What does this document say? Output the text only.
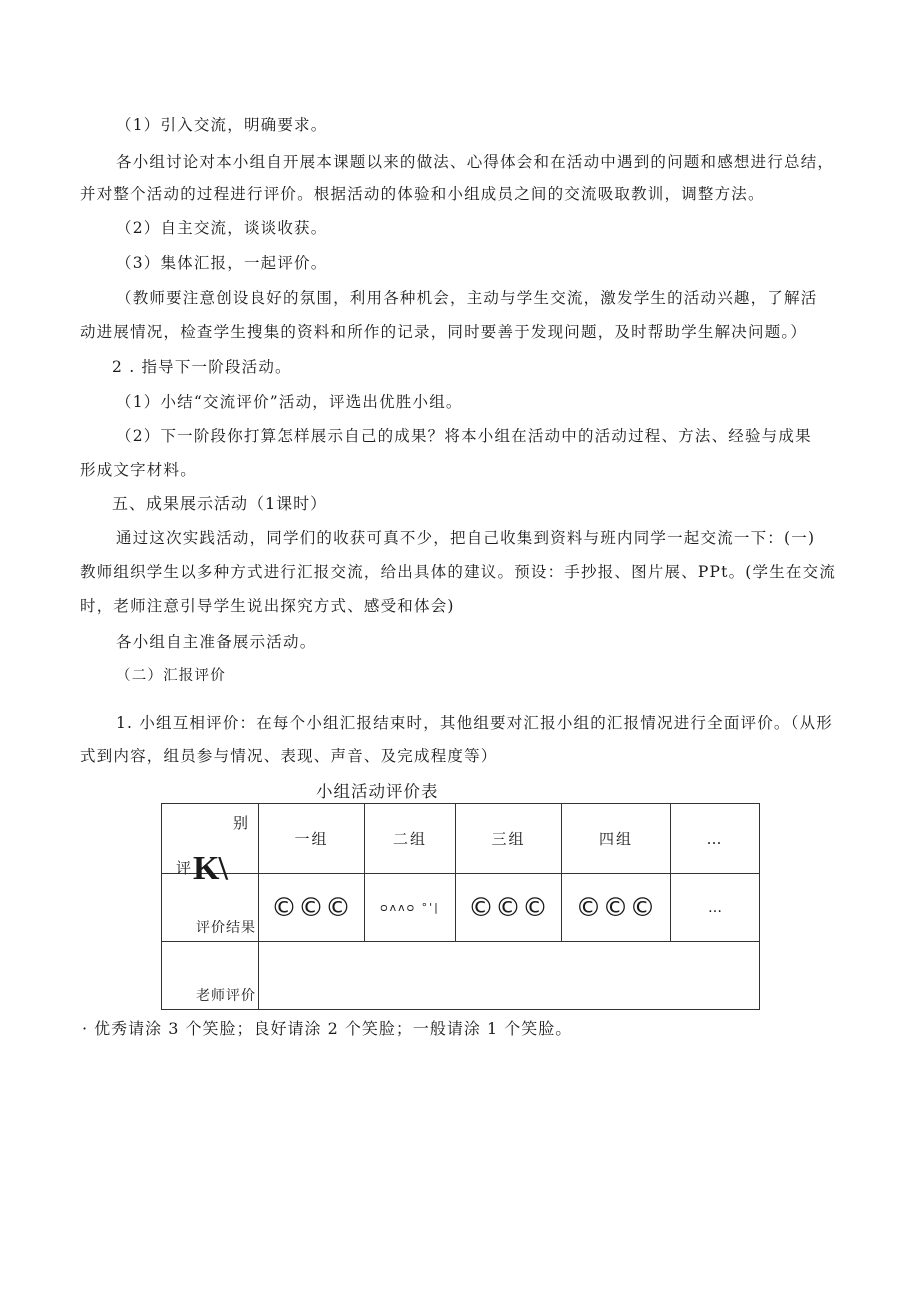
（1）引入交流，明确要求。
各小组讨论对本小组自开展本课题以来的做法、心得体会和在活动中遇到的问题和感想进行总结，
并对整个活动的过程进行评价。根据活动的体验和小组成员之间的交流吸取教训，调整方法。
（2）自主交流，谈谈收获。
（3）集体汇报，一起评价。
（教师要注意创设良好的氛围，利用各种机会，主动与学生交流，激发学生的活动兴趣，了解活
动进展情况，检查学生搜集的资料和所作的记录，同时要善于发现问题，及时帮助学生解决问题。）
2 . 指导下一阶段活动。
（1）小结“交流评价”活动，评选出优胜小组。
（2）下一阶段你打算怎样展示自己的成果？将本小组在活动中的活动过程、方法、经验与成果
形成文字材料。
五、成果展示活动（1课时）
通过这次实践活动，同学们的收获可真不少，把自己收集到资料与班内同学一起交流一下：(一)
教师组织学生以多种方式进行汇报交流，给出具体的建议。预设：手抄报、图片展、PPt。(学生在交流
时，老师注意引导学生说出探究方式、感受和体会)
各小组自主准备展示活动。
（二）汇报评价
1. 小组互相评价：在每个小组汇报结束时，其他组要对汇报小组的汇报情况进行全面评价。（从形
式到内容，组员参与情况、表现、声音、及完成程度等）
小组活动评价表
别
评K\	一组	二组	三组	四组	…

评价结果	©©©	ᴑᴧᴧᴑ °'|	©©©	©©©	…

老师评价					

· 优秀请涂 3 个笑脸；良好请涂 2 个笑脸；一般请涂 1 个笑脸。
